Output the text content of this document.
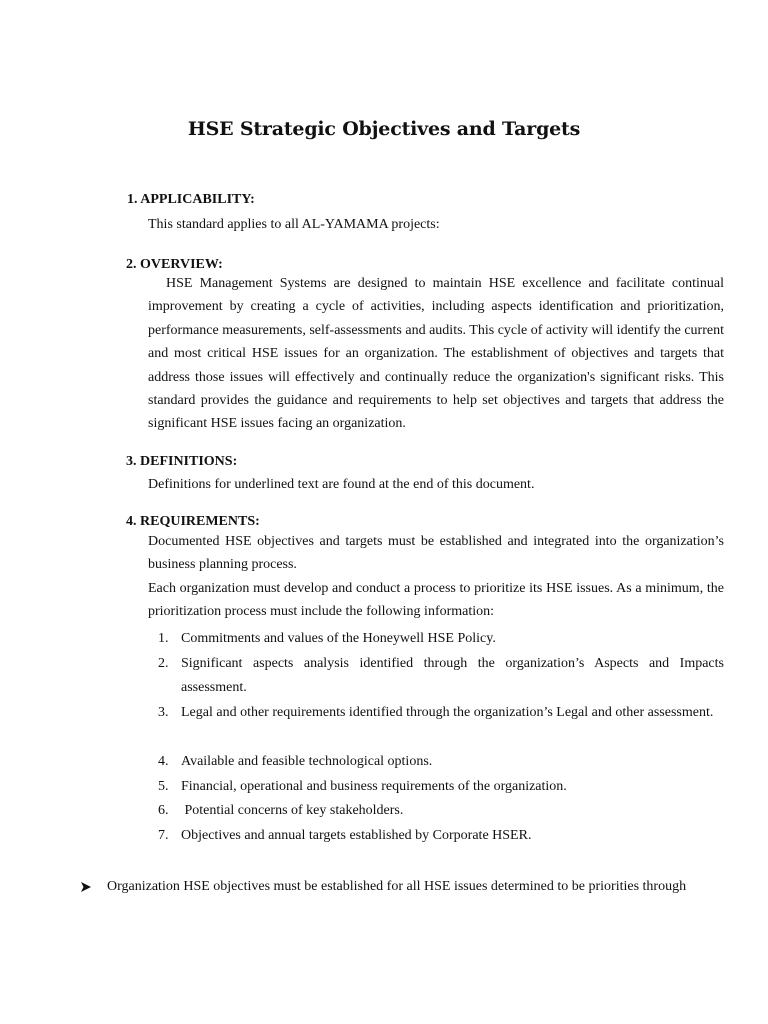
HSE Strategic Objectives and Targets
1. APPLICABILITY:
This standard applies to all AL-YAMAMA projects:
2. OVERVIEW:
HSE Management Systems are designed to maintain HSE excellence and facilitate continual improvement by creating a cycle of activities, including aspects identification and prioritization, performance measurements, self-assessments and audits. This cycle of activity will identify the current and most critical HSE issues for an organization. The establishment of objectives and targets that address those issues will effectively and continually reduce the organization's significant risks. This standard provides the guidance and requirements to help set objectives and targets that address the significant HSE issues facing an organization.
3. DEFINITIONS:
Definitions for underlined text are found at the end of this document.
4. REQUIREMENTS:
Documented HSE objectives and targets must be established and integrated into the organization’s business planning process.
Each organization must develop and conduct a process to prioritize its HSE issues. As a minimum, the prioritization process must include the following information:
1. Commitments and values of the Honeywell HSE Policy.
2. Significant aspects analysis identified through the organization’s Aspects and Impacts assessment.
3. Legal and other requirements identified through the organization’s Legal and other assessment.
4. Available and feasible technological options.
5. Financial, operational and business requirements of the organization.
6. Potential concerns of key stakeholders.
7. Objectives and annual targets established by Corporate HSER.
Organization HSE objectives must be established for all HSE issues determined to be priorities through
